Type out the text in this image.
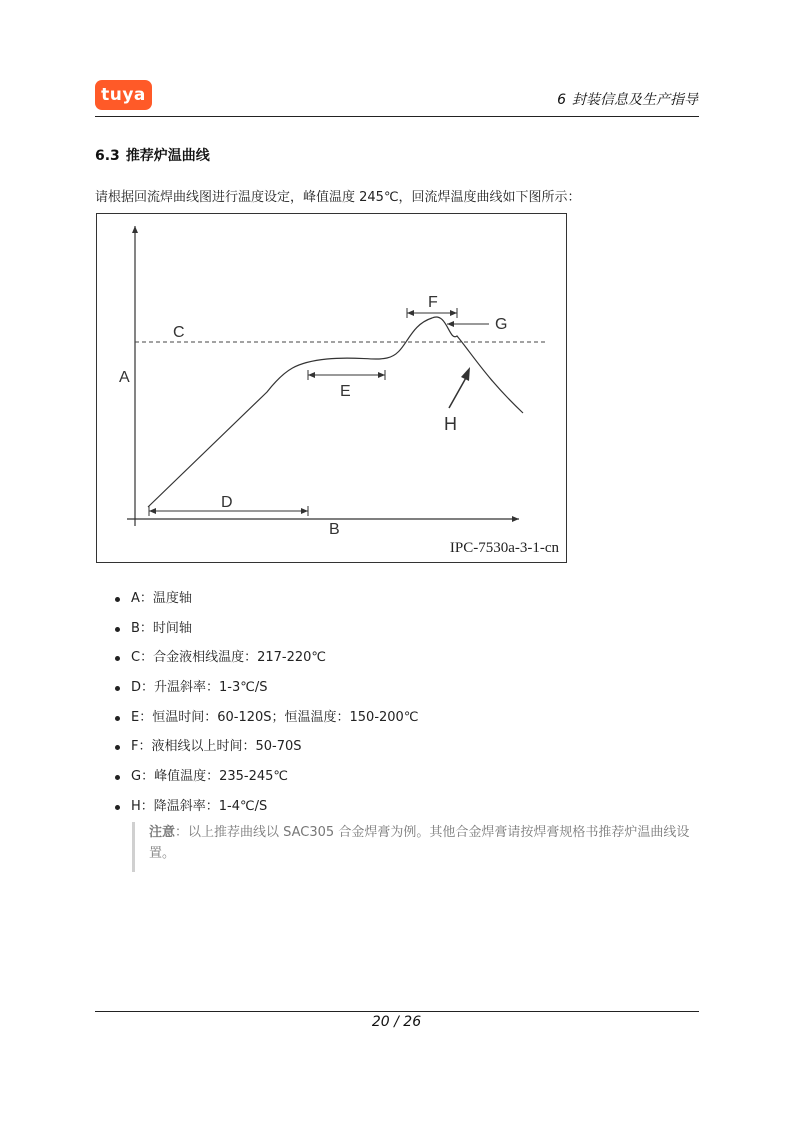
tuya	6 封装信息及生产指导
6.3 推荐炉温曲线
请根据回流焊曲线图进行温度设定，峰值温度 245℃，回流焊温度曲线如下图所示：
A
B
C
D
E
F
G
H
IPC-7530a-3-1-cn
A：温度轴
B：时间轴
C：合金液相线温度：217-220℃
D：升温斜率：1-3℃/S
E：恒温时间：60-120S；恒温温度：150-200℃
F：液相线以上时间：50-70S
G：峰值温度：235-245℃
H：降温斜率：1-4℃/S
注意：以上推荐曲线以 SAC305 合金焊膏为例。其他合金焊膏请按焊膏规格书推荐炉温曲线设置。
20 / 26
